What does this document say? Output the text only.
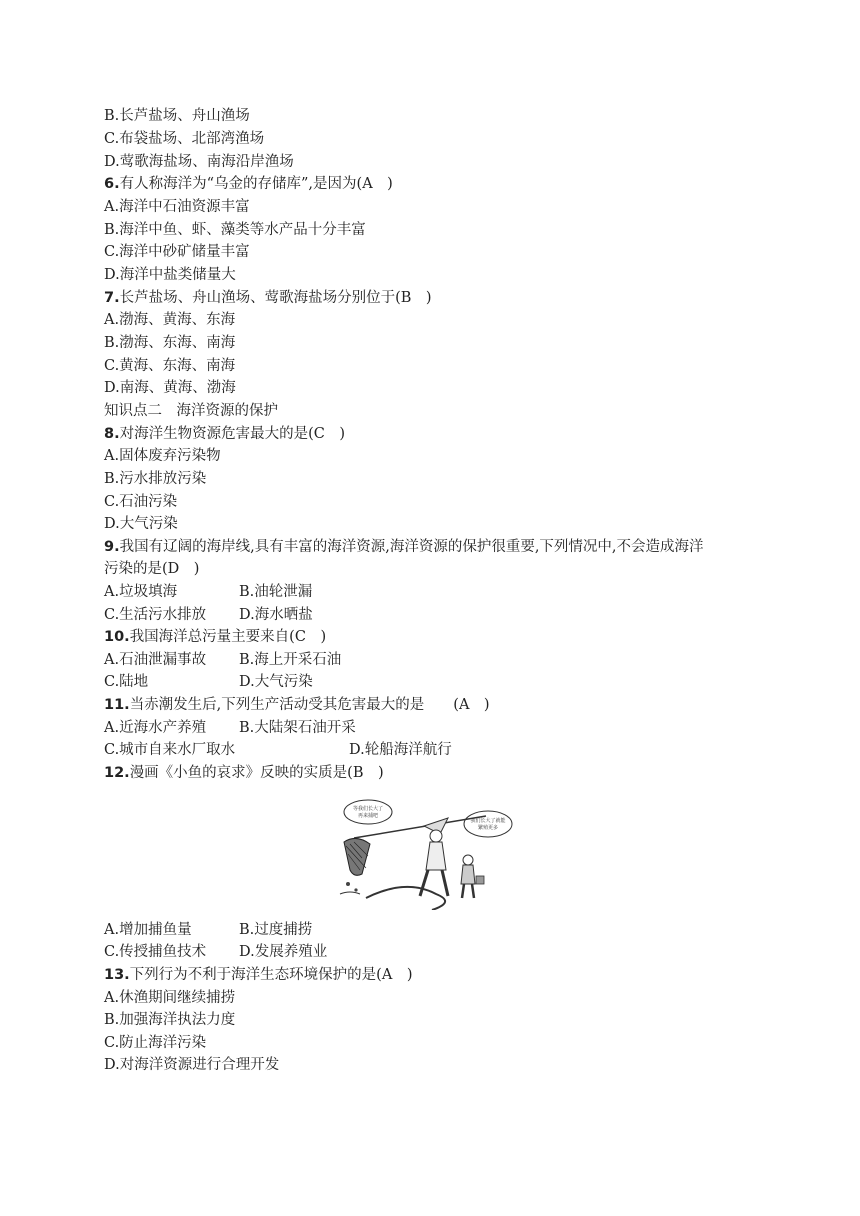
B.长芦盐场、舟山渔场
C.布袋盐场、北部湾渔场
D.莺歌海盐场、南海沿岸渔场
6.有人称海洋为“乌金的存储库”,是因为(A　)
A.海洋中石油资源丰富
B.海洋中鱼、虾、藻类等水产品十分丰富
C.海洋中砂矿储量丰富
D.海洋中盐类储量大
7.长芦盐场、舟山渔场、莺歌海盐场分别位于(B　)
A.渤海、黄海、东海
B.渤海、东海、南海
C.黄海、东海、南海
D.南海、黄海、渤海
知识点二　海洋资源的保护
8.对海洋生物资源危害最大的是(C　)
A.固体废弃污染物
B.污水排放污染
C.石油污染
D.大气污染
9.我国有辽阔的海岸线,具有丰富的海洋资源,海洋资源的保护很重要,下列情况中,不会造成海洋
污染的是(D　)
A.垃圾填海	B.油轮泄漏
C.生活污水排放 D.海水晒盐
10.我国海洋总污量主要来自(C　)
A.石油泄漏事故 B.海上开采石油
C.陆地	D.大气污染
11.当赤潮发生后,下列生产活动受其危害最大的是　　(A　)
A.近海水产养殖 B.大陆架石油开采
C.城市自来水厂取水	D.轮船海洋航行
12.漫画《小鱼的哀求》反映的实质是(B　)
等我们长大了
再来捕吧
我们长大了就能
繁殖更多
A.增加捕鱼量	B.过度捕捞
C.传授捕鱼技术 D.发展养殖业
13.下列行为不利于海洋生态环境保护的是(A　)
A.休渔期间继续捕捞
B.加强海洋执法力度
C.防止海洋污染
D.对海洋资源进行合理开发
